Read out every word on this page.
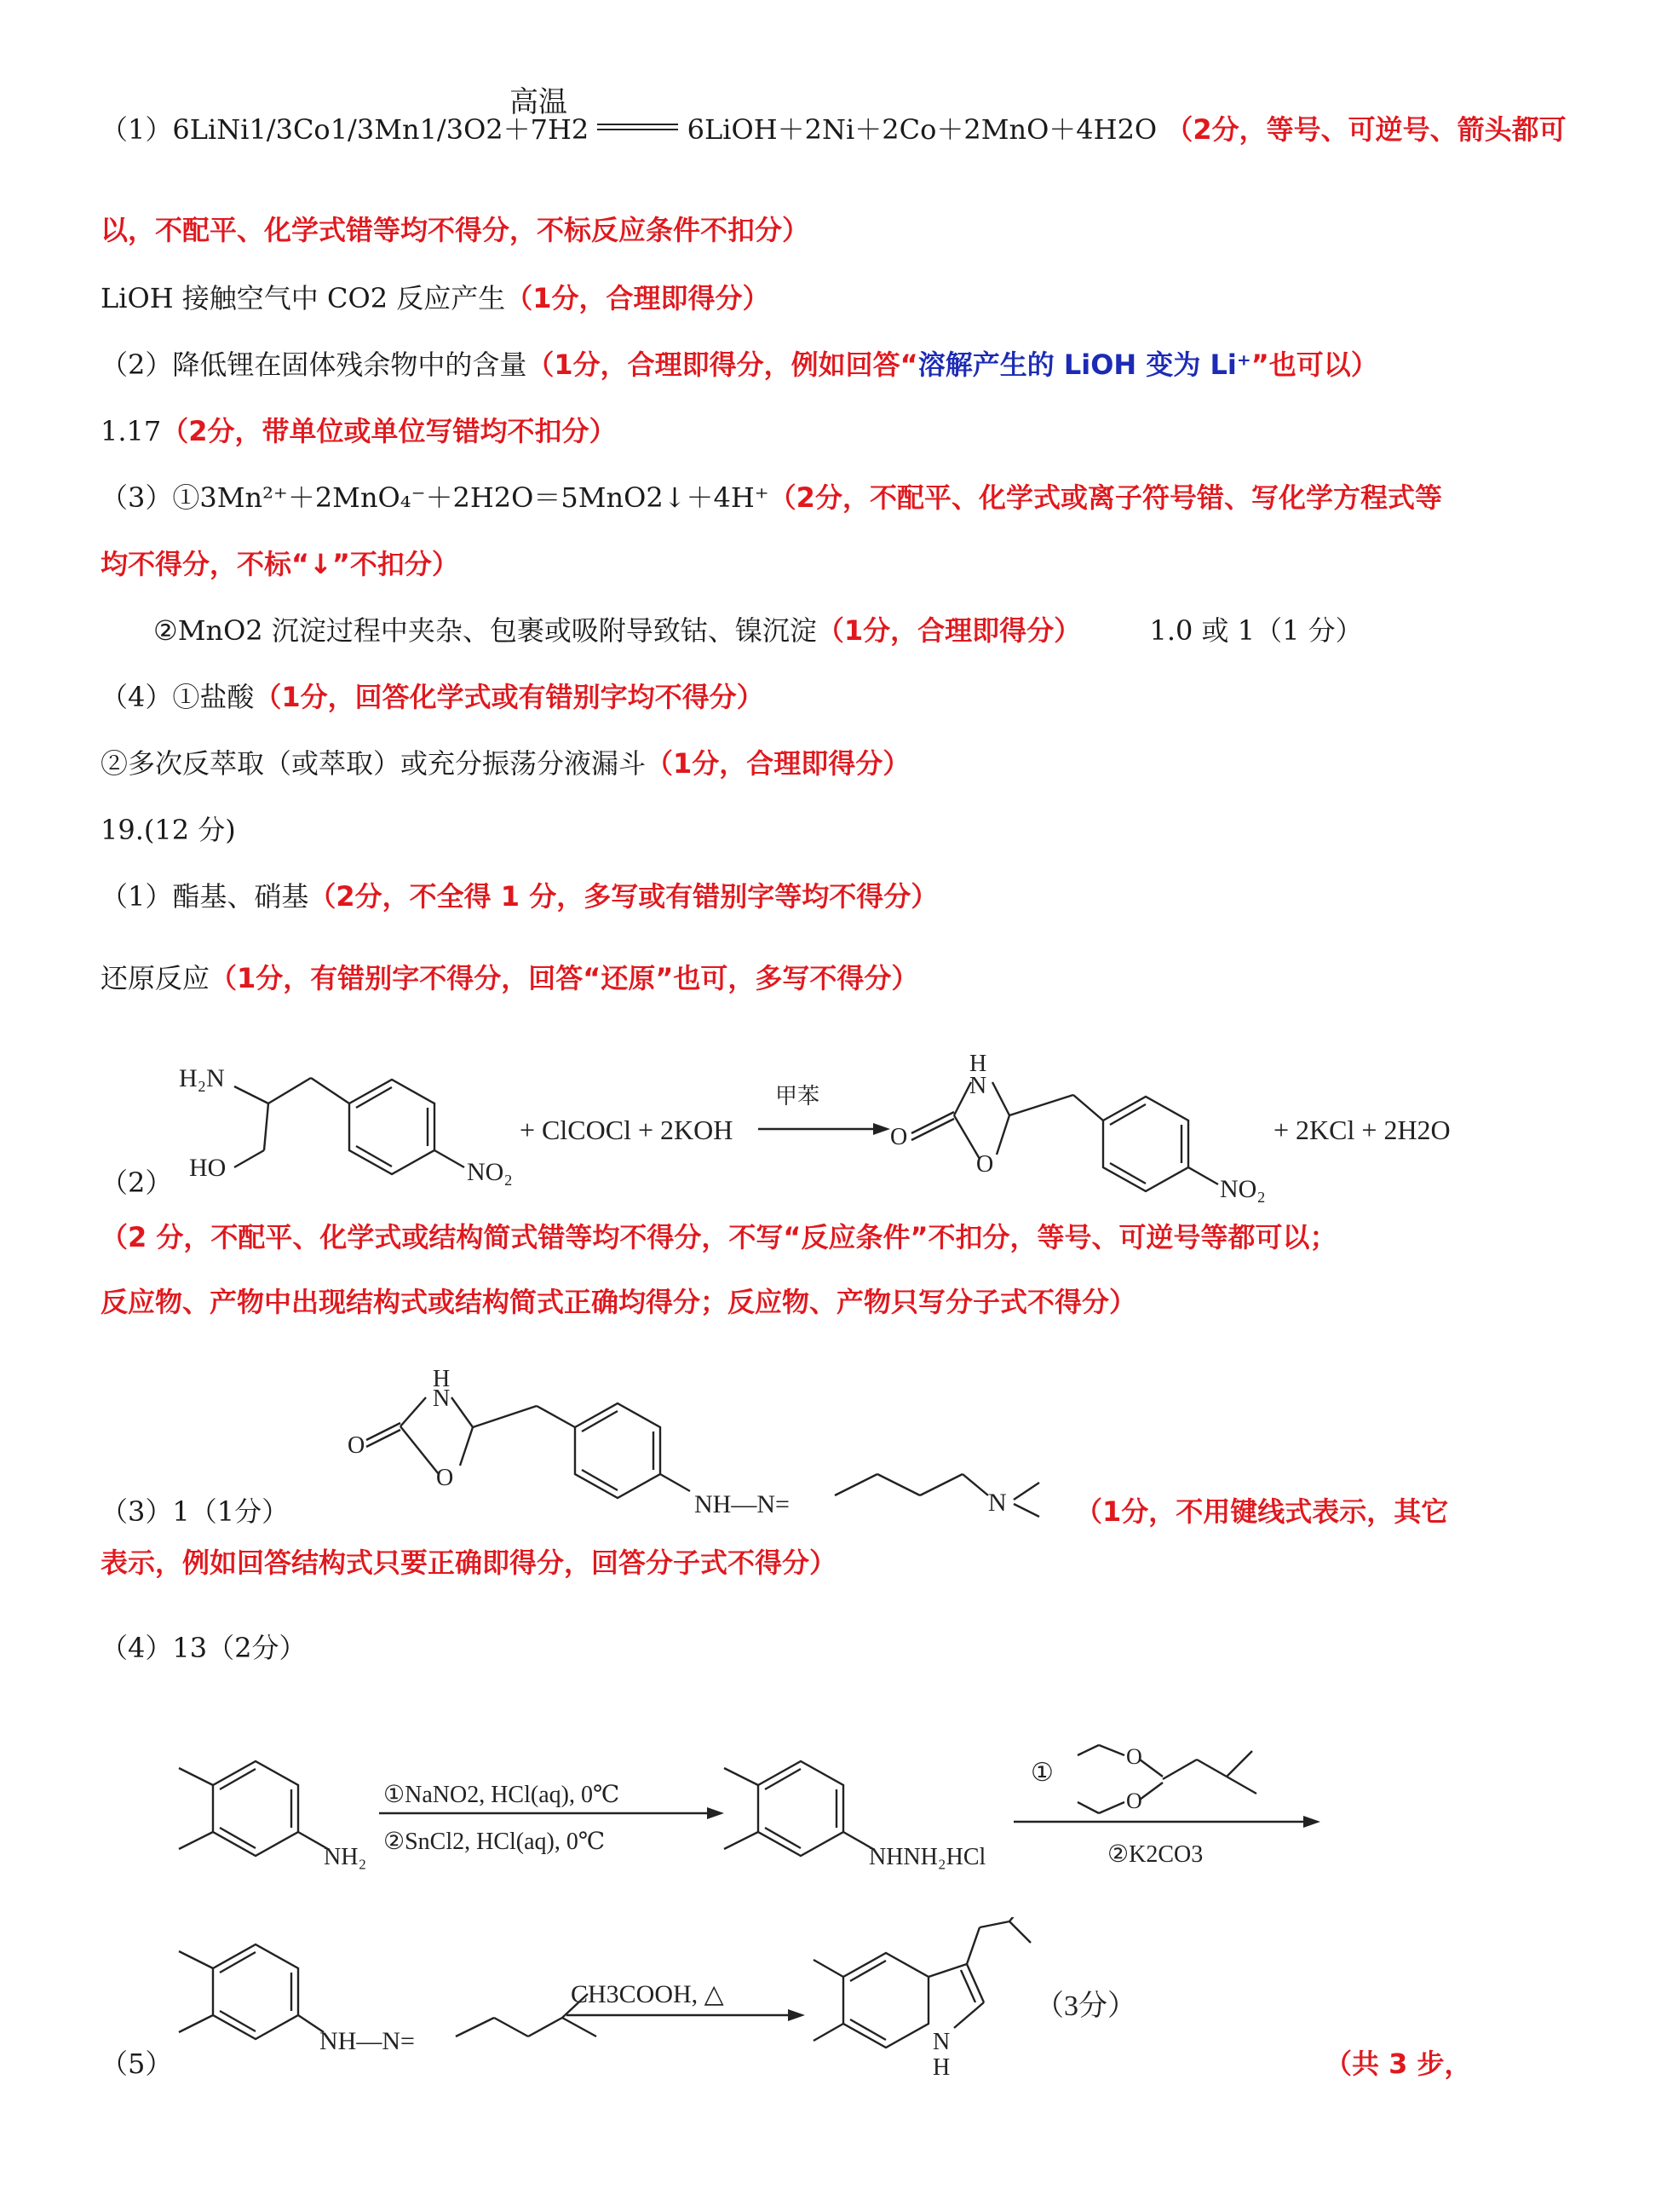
（1）6LiNi1/3Co1/3Mn1/3O2＋7H2	6LiOH＋2Ni＋2Co＋2MnO＋4H2O （2分，等号、可逆号、箭头都可
高温
以，不配平、化学式错等均不得分，不标反应条件不扣分）
LiOH 接触空气中 CO2 反应产生（1分，合理即得分）
（2）降低锂在固体残余物中的含量（1分，合理即得分，例如回答“溶解产生的 LiOH 变为 Li⁺”也可以）
1.17（2分，带单位或单位写错均不扣分）
（3）①3Mn²⁺＋2MnO₄⁻＋2H2O＝5MnO2↓＋4H⁺（2分，不配平、化学式或离子符号错、写化学方程式等
均不得分，不标“↓”不扣分）
②MnO2 沉淀过程中夹杂、包裹或吸附导致钴、镍沉淀（1分，合理即得分）	1.0 或 1（1 分）
（4）①盐酸（1分，回答化学式或有错别字均不得分）
②多次反萃取（或萃取）或充分振荡分液漏斗（1分，合理即得分）
19.(12 分)
（1）酯基、硝基（2分，不全得 1 分，多写或有错别字等均不得分）
还原反应（1分，有错别字不得分，回答“还原”也可，多写不得分）
H₂N
HO	NO₂
+ ClCOCl + 2KOH
甲苯
H
N
O
O
NO₂
+ 2KCl + 2H2O
（2）
（2 分，不配平、化学式或结构简式错等均不得分，不写“反应条件”不扣分，等号、可逆号等都可以；
反应物、产物中出现结构式或结构简式正确均得分；反应物、产物只写分子式不得分）
H
N
O
O
NH—N=	N
（3）1（1分）	（1分，不用键线式表示，其它
表示，例如回答结构式只要正确即得分，回答分子式不得分）
（4）13（2分）
NH₂
①NaNO2, HCl(aq), 0℃
②SnCl2, HCl(aq), 0℃
NHNH₂HCl
①
O
O
②K2CO3
NH—N=
CH3COOH, △
N
H
（3分）
（5）	（共 3 步，
